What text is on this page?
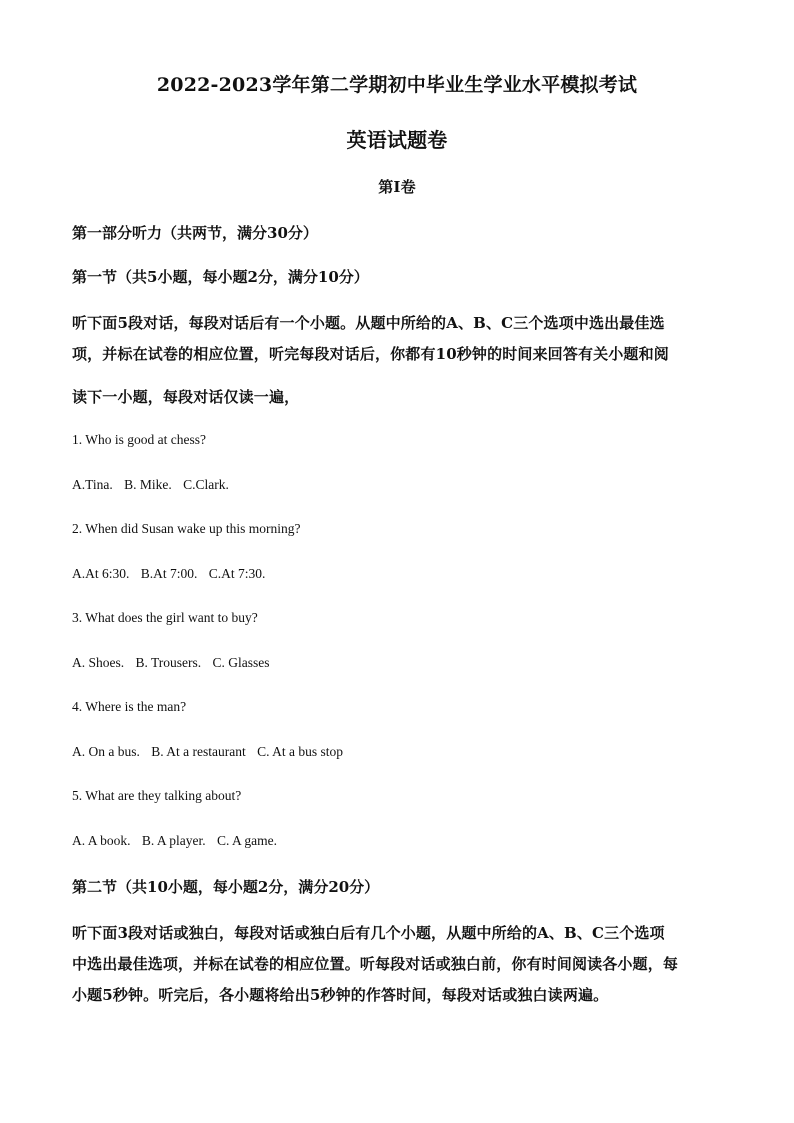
2022-2023学年第二学期初中毕业生学业水平模拟考试
英语试题卷
第I卷
第一部分听力（共两节，满分30分）
第一节（共5小题，每小题2分，满分10分）
听下面5段对话，每段对话后有一个小题。从题中所给的A、B、C三个选项中选出最佳选
项，并标在试卷的相应位置，听完每段对话后，你都有10秒钟的时间来回答有关小题和阅
读下一小题，每段对话仅读一遍，
1. Who is good at chess?
A.Tina. B. Mike. C.Clark.
2. When did Susan wake up this morning?
A.At 6:30. B.At 7:00. C.At 7:30.
3. What does the girl want to buy?
A. Shoes. B. Trousers. C. Glasses
4. Where is the man?
A. On a bus. B. At a restaurant C. At a bus stop
5. What are they talking about?
A. A book. B. A player. C. A game.
第二节（共10小题，每小题2分，满分20分）
听下面3段对话或独白，每段对话或独白后有几个小题，从题中所给的A、B、C三个选项
中选出最佳选项，并标在试卷的相应位置。听每段对话或独白前，你有时间阅读各小题，每
小题5秒钟。听完后，各小题将给出5秒钟的作答时间，每段对话或独白读两遍。
